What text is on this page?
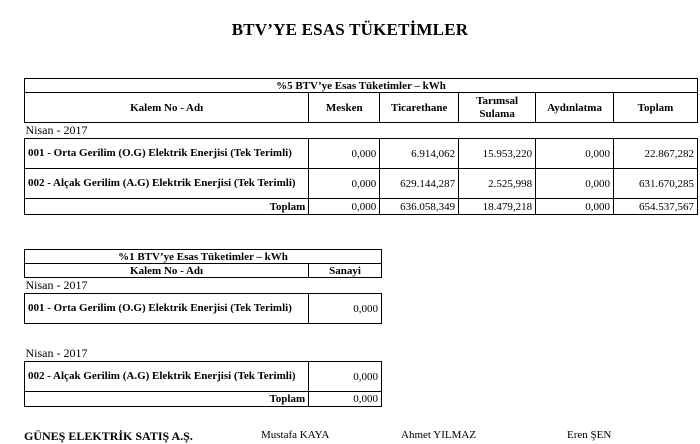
BTV’YE ESAS TÜKETİMLER
%5 BTV’ye Esas Tüketimler – kWh					
Kalem No - Adı	Mesken	Ticarethane	Tarımsal Sulama	Aydınlatma	Toplam
Nisan - 2017					
001 - Orta Gerilim (O.G) Elektrik Enerjisi (Tek Terimli)	0,000	6.914,062	15.953,220	0,000	22.867,282
002 - Alçak Gerilim (A.G) Elektrik Enerjisi (Tek Terimli)	0,000	629.144,287	2.525,998	0,000	631.670,285
Toplam	0,000	636.058,349	18.479,218	0,000	654.537,567
%1 BTV’ye Esas Tüketimler – kWh	
Kalem No - Adı	Sanayi
Nisan - 2017	
001 - Orta Gerilim (O.G) Elektrik Enerjisi (Tek Terimli)	0,000
Nisan - 2017	
002 - Alçak Gerilim (A.G) Elektrik Enerjisi (Tek Terimli)	0,000
Toplam	0,000
GÜNEŞ ELEKTRİK SATIŞ A.Ş.	Mustafa KAYA	Ahmet YILMAZ	Eren ŞEN
